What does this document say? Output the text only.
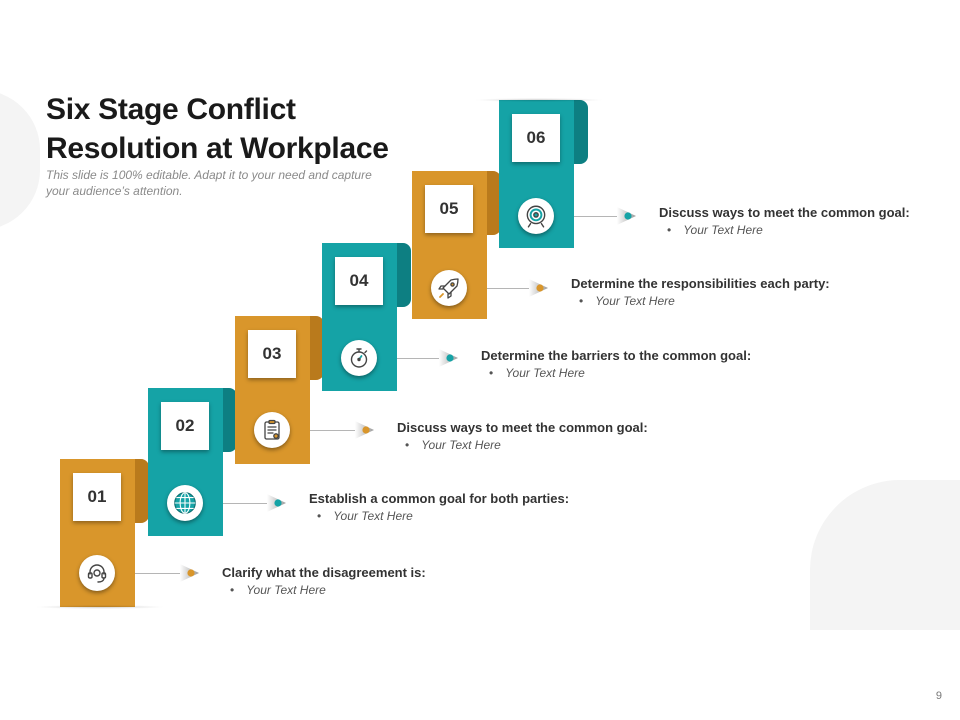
Six Stage Conflict Resolution at Workplace

This slide is 100% editable. Adapt it to your need and capture your audience’s attention.

01
Clarify what the disagreement is:
• Your Text Here
02
Establish a common goal for both parties:
• Your Text Here
03
Discuss ways to meet the common goal:
• Your Text Here
04
Determine the barriers to the common goal:
• Your Text Here
05
Determine the responsibilities each party:
• Your Text Here
06
Discuss ways to meet the common goal:
• Your Text Here
9
